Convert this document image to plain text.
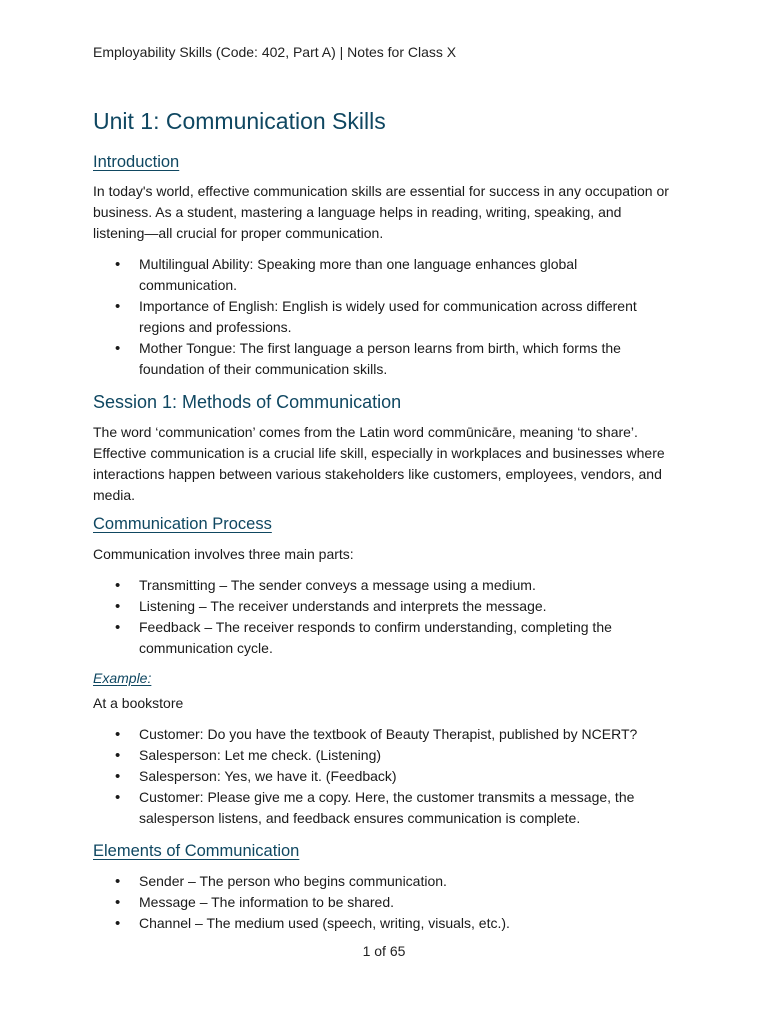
Employability Skills (Code: 402, Part A) | Notes for Class X
Unit 1: Communication Skills
Introduction

In today's world, effective communication skills are essential for success in any occupation or business. As a student, mastering a language helps in reading, writing, speaking, and listening—all crucial for proper communication.

• Multilingual Ability: Speaking more than one language enhances global communication.
• Importance of English: English is widely used for communication across different regions and professions.
• Mother Tongue: The first language a person learns from birth, which forms the foundation of their communication skills.
Session 1: Methods of Communication

The word ‘communication’ comes from the Latin word commūnicāre, meaning ‘to share’. Effective communication is a crucial life skill, especially in workplaces and businesses where interactions happen between various stakeholders like customers, employees, vendors, and media.

Communication Process

Communication involves three main parts:

• Transmitting – The sender conveys a message using a medium.
• Listening – The receiver understands and interprets the message.
• Feedback – The receiver responds to confirm understanding, completing the communication cycle.
Example:

At a bookstore

• Customer: Do you have the textbook of Beauty Therapist, published by NCERT?
• Salesperson: Let me check. (Listening)
• Salesperson: Yes, we have it. (Feedback)
• Customer: Please give me a copy. Here, the customer transmits a message, the salesperson listens, and feedback ensures communication is complete.
Elements of Communication
• Sender – The person who begins communication.
• Message – The information to be shared.
• Channel – The medium used (speech, writing, visuals, etc.).
1 of 65
